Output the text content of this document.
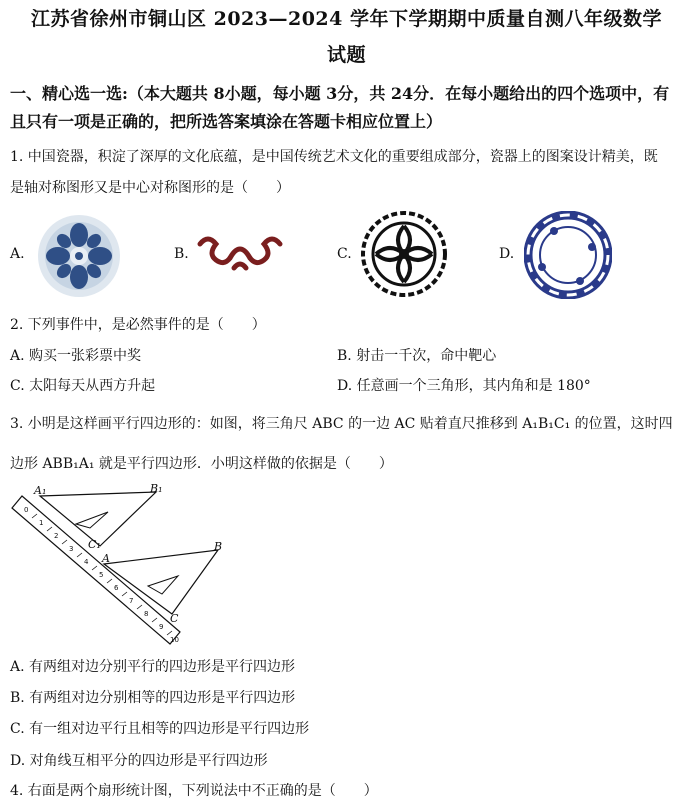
江苏省徐州市铜山区 2023—2024 学年下学期期中质量自测八年级数学
试题
一、精心选一选:（本大题共 8小题，每小题 3分，共 24分．在每小题给出的四个选项中，有
且只有一项是正确的，把所选答案填涂在答题卡相应位置上）
1. 中国瓷器，积淀了深厚的文化底蕴，是中国传统艺术文化的重要组成部分，瓷器上的图案设计精美，既
是轴对称图形又是中心对称图形的是（　　）
A.	B.	C.	D.
2. 下列事件中，是必然事件的是（　　）
A. 购买一张彩票中奖	B. 射击一千次，命中靶心
C. 太阳每天从西方升起	D. 任意画一个三角形，其内角和是 180°
3. 小明是这样画平行四边形的：如图，将三角尺 ABC 的一边 AC 贴着直尺推移到 A₁B₁C₁ 的位置，这时四
边形 ABB₁A₁ 就是平行四边形．小明这样做的依据是（　　）
0
1
2
3
4
5
6
7
8
9
10
A₁	B₁
C₁
A
B
C
A. 有两组对边分别平行的四边形是平行四边形
B. 有两组对边分别相等的四边形是平行四边形
C. 有一组对边平行且相等的四边形是平行四边形
D. 对角线互相平分的四边形是平行四边形
4. 右面是两个扇形统计图，下列说法中不正确的是（　　）
